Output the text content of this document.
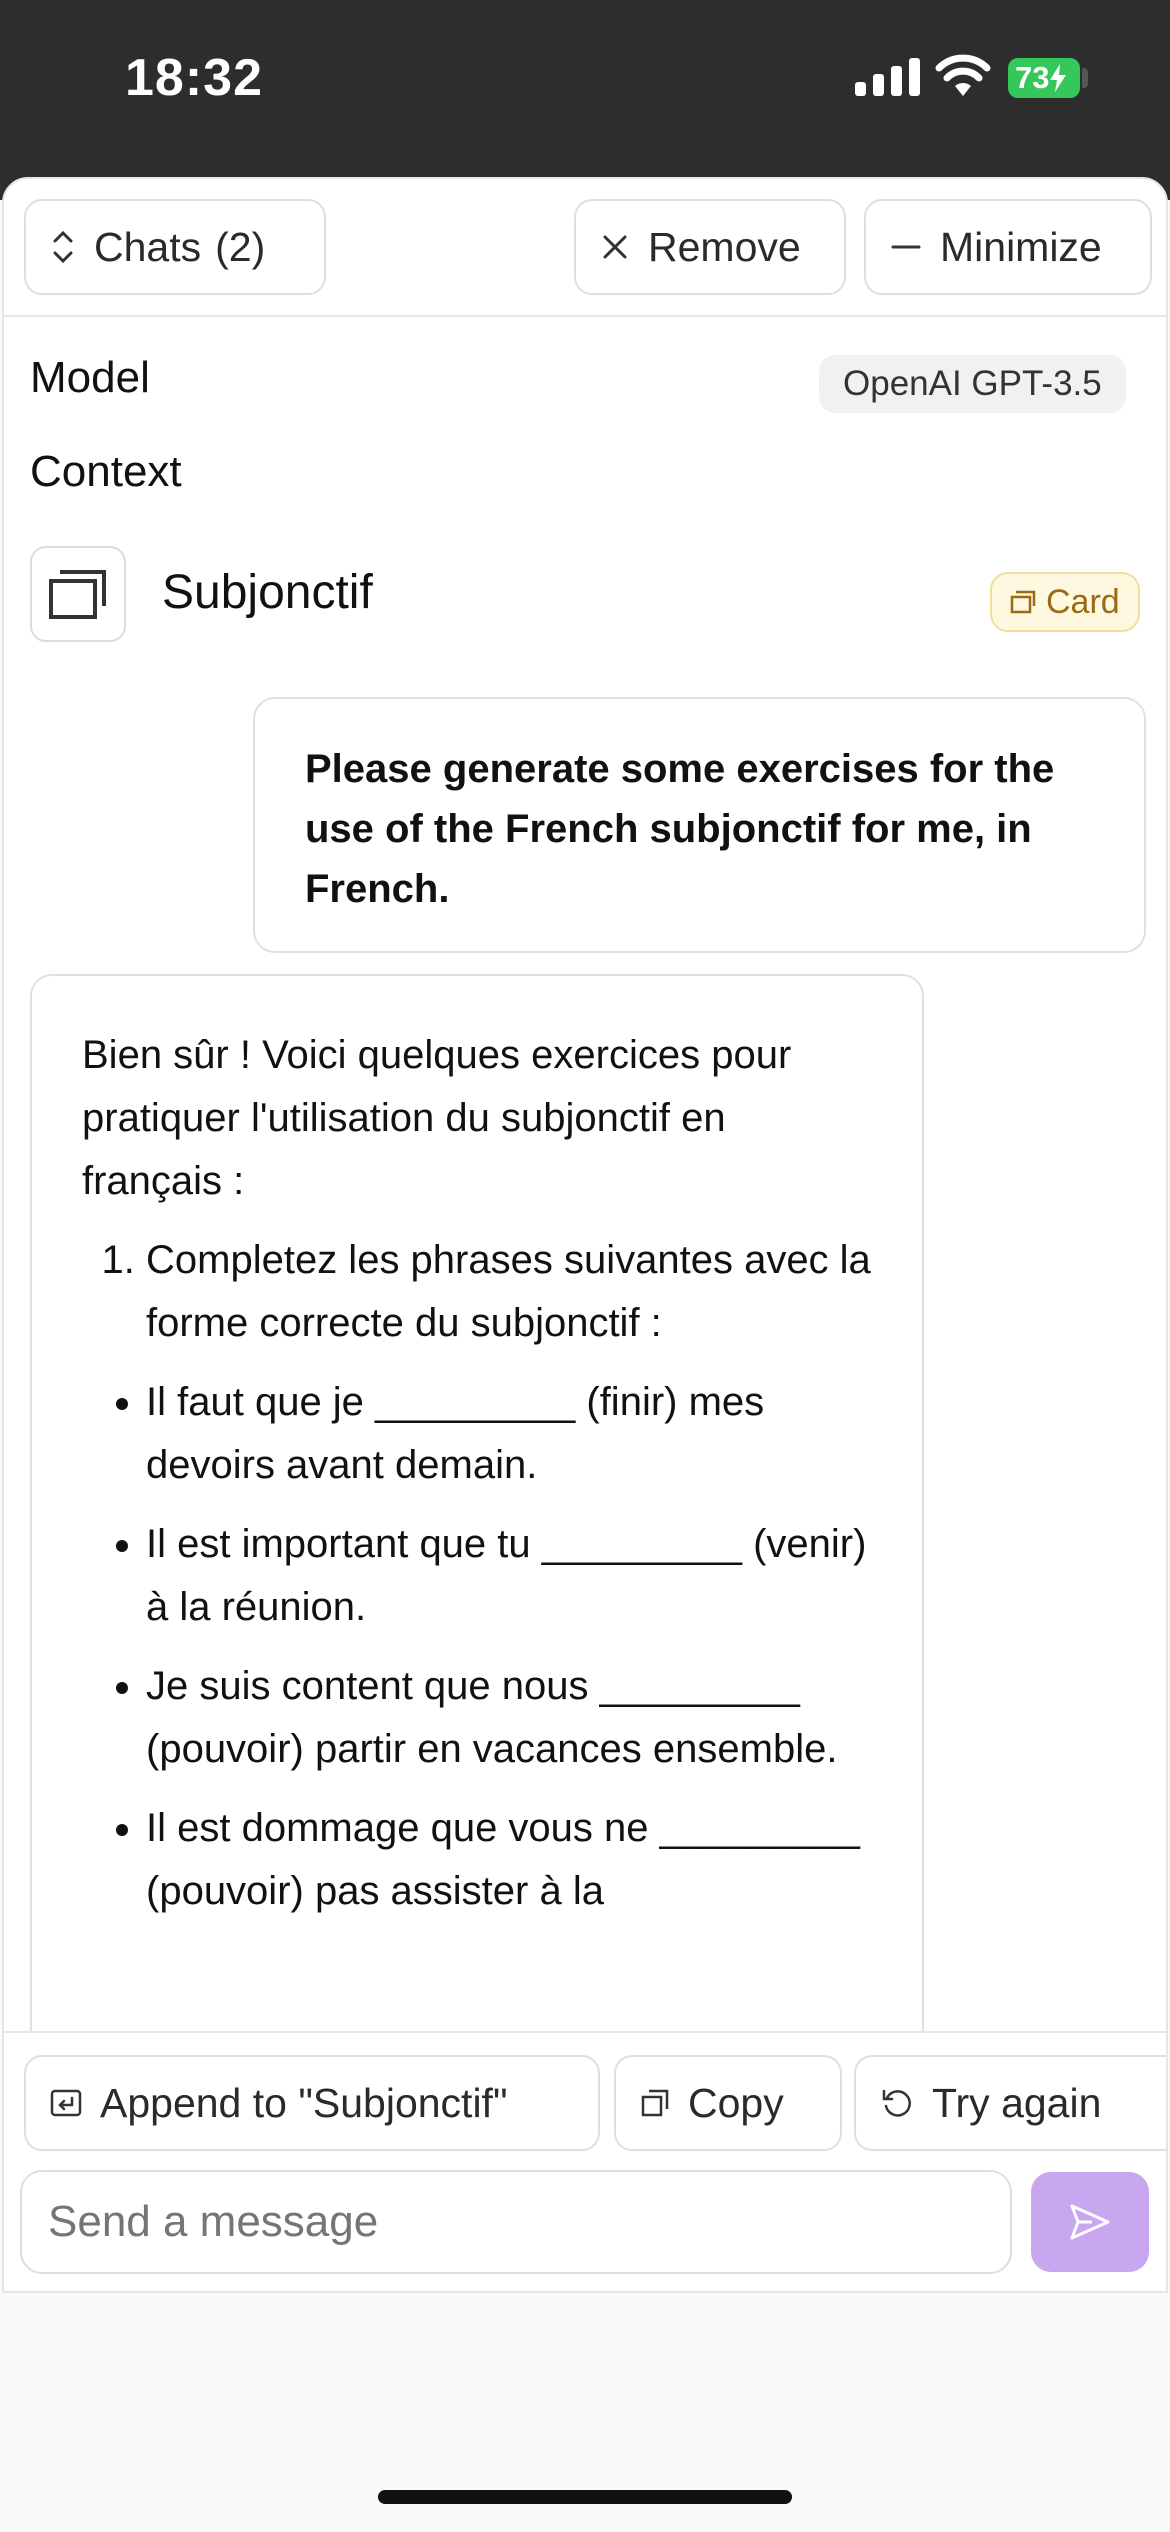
18:32	73
Chats (2)	Remove	Minimize
Model	OpenAI GPT-3.5
Context
Subjonctif	Card
Please generate some exercises for the use of the French subjonctif for me, in French.

Bien sûr ! Voici quelques exercices pour pratiquer l'utilisation du subjonctif en français :

1. Completez les phrases suivantes avec la forme correcte du subjonctif :
• Il faut que je _________ (finir) mes devoirs avant demain.
• Il est important que tu _________ (venir) à la réunion.
• Je suis content que nous _________ (pouvoir) partir en vacances ensemble.
• Il est dommage que vous ne _________ (pouvoir) pas assister à la
Append to "Subjonctif"	Copy	Try again
Send a message
